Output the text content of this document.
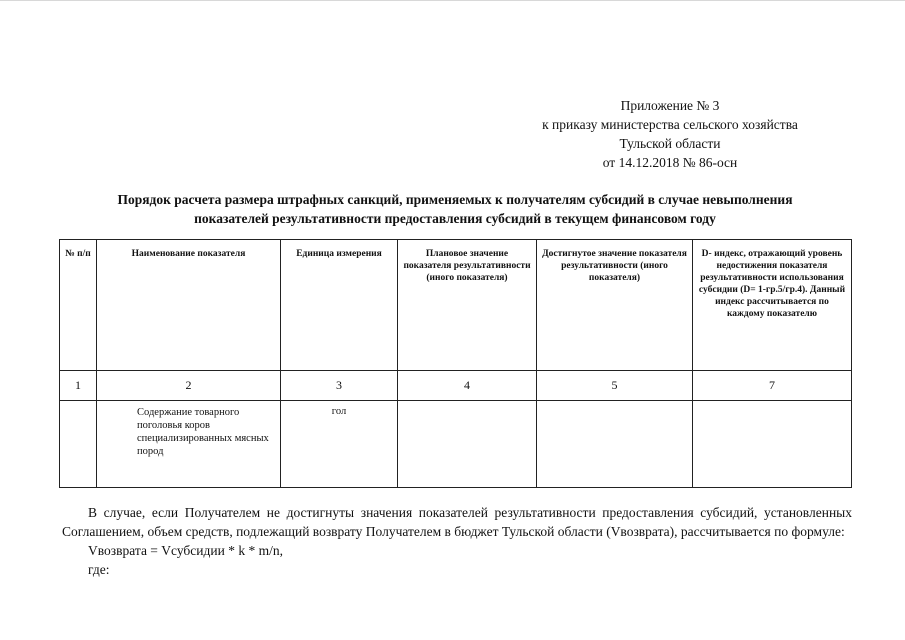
Приложение № 3
к приказу министерства сельского хозяйства
Тульской области
от 14.12.2018 № 86-осн
Порядок расчета размера штрафных санкций, применяемых к получателям субсидий в случае невыполнения
показателей результативности предоставления субсидий в текущем финансовом году
№ п/п	Наименование показателя	Единица измерения	Плановое значение показателя результативности (иного показателя)	Достигнутое значение показателя результативности (иного показателя)	D- индекс, отражающий уровень недостижения показателя результативности использования субсидии (D= 1-гр.5/гр.4). Данный индекс рассчитывается по каждому показателю
1	2	3	4	5	7

	Содержание товарного
поголовья коров
специализированных мясных
пород	гол			
В случае, если Получателем не достигнуты значения показателей результативности предоставления субсидий, установленных Соглашением, объем средств, подлежащий возврату Получателем в бюджет Тульской области (Vвозврата), рассчитывается по формуле:
Vвозврата = Vсубсидии * k * m/n,
где:
